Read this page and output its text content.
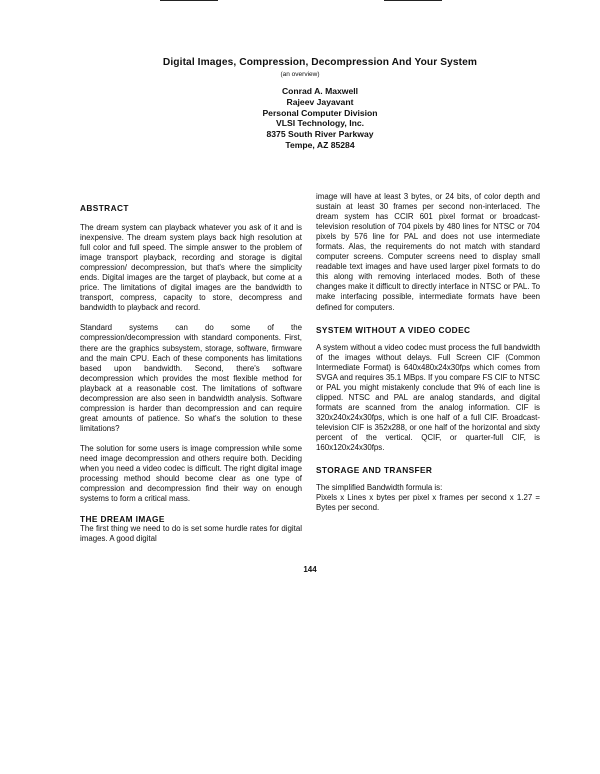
Digital Images, Compression, Decompression And Your System
(an overview)
Conrad A. Maxwell
Rajeev Jayavant
Personal Computer Division
VLSI Technology, Inc.
8375 South River Parkway
Tempe, AZ 85284
ABSTRACT

The dream system can playback whatever you ask of it and is inexpensive. The dream system plays back high resolution at full color and full speed. The simple answer to the problem of image transport playback, recording and storage is digital compression/ decompression, but that's where the simplicity ends. Digital images are the target of playback, but come at a price. The limitations of digital images are the bandwidth to transport, compress, capacity to store, decompress and bandwidth to playback and record.

Standard systems can do some of the compression/decompression with standard components. First, there are the graphics subsystem, storage, software, firmware and the main CPU. Each of these components has limitations based upon bandwidth. Second, there's software decompression which provides the most flexible method for playback at a reasonable cost. The limitations of software decompression are also seen in bandwidth analysis. Software compression is harder than decompression and can require great amounts of patience. So what's the solution to these limitations?

The solution for some users is image compression while some need image decompression and others require both. Deciding when you need a video codec is difficult. The right digital image processing method should become clear as one type of compression and decompression find their way on enough systems to form a critical mass.

THE DREAM IMAGE

The first thing we need to do is set some hurdle rates for digital images. A good digital

image will have at least 3 bytes, or 24 bits, of color depth and sustain at least 30 frames per second non-interlaced. The dream system has CCIR 601 pixel format or broadcast-television resolution of 704 pixels by 480 lines for NTSC or 704 pixels by 576 line for PAL and does not use intermediate formats. Alas, the requirements do not match with standard computer screens. Computer screens need to display small readable text images and have used larger pixel formats to do this along with removing interlaced modes. Both of these changes make it difficult to directly interface in NTSC or PAL. To make interfacing possible, intermediate formats have been defined for computers.

SYSTEM WITHOUT A VIDEO CODEC

A system without a video codec must process the full bandwidth of the images without delays. Full Screen CIF (Common Intermediate Format) is 640x480x24x30fps which comes from SVGA and requires 35.1 MBps. If you compare FS CIF to NTSC or PAL you might mistakenly conclude that 9% of each line is clipped. NTSC and PAL are analog standards, and digital formats are scanned from the analog information. CIF is 320x240x24x30fps, which is one half of a full CIF. Broadcast-television CIF is 352x288, or one half of the horizontal and sixty percent of the vertical. QCIF, or quarter-full CIF, is 160x120x24x30fps.

STORAGE AND TRANSFER

The simplified Bandwidth formula is:

Pixels x Lines x bytes per pixel x frames per second x 1.27 = Bytes per second.

144
